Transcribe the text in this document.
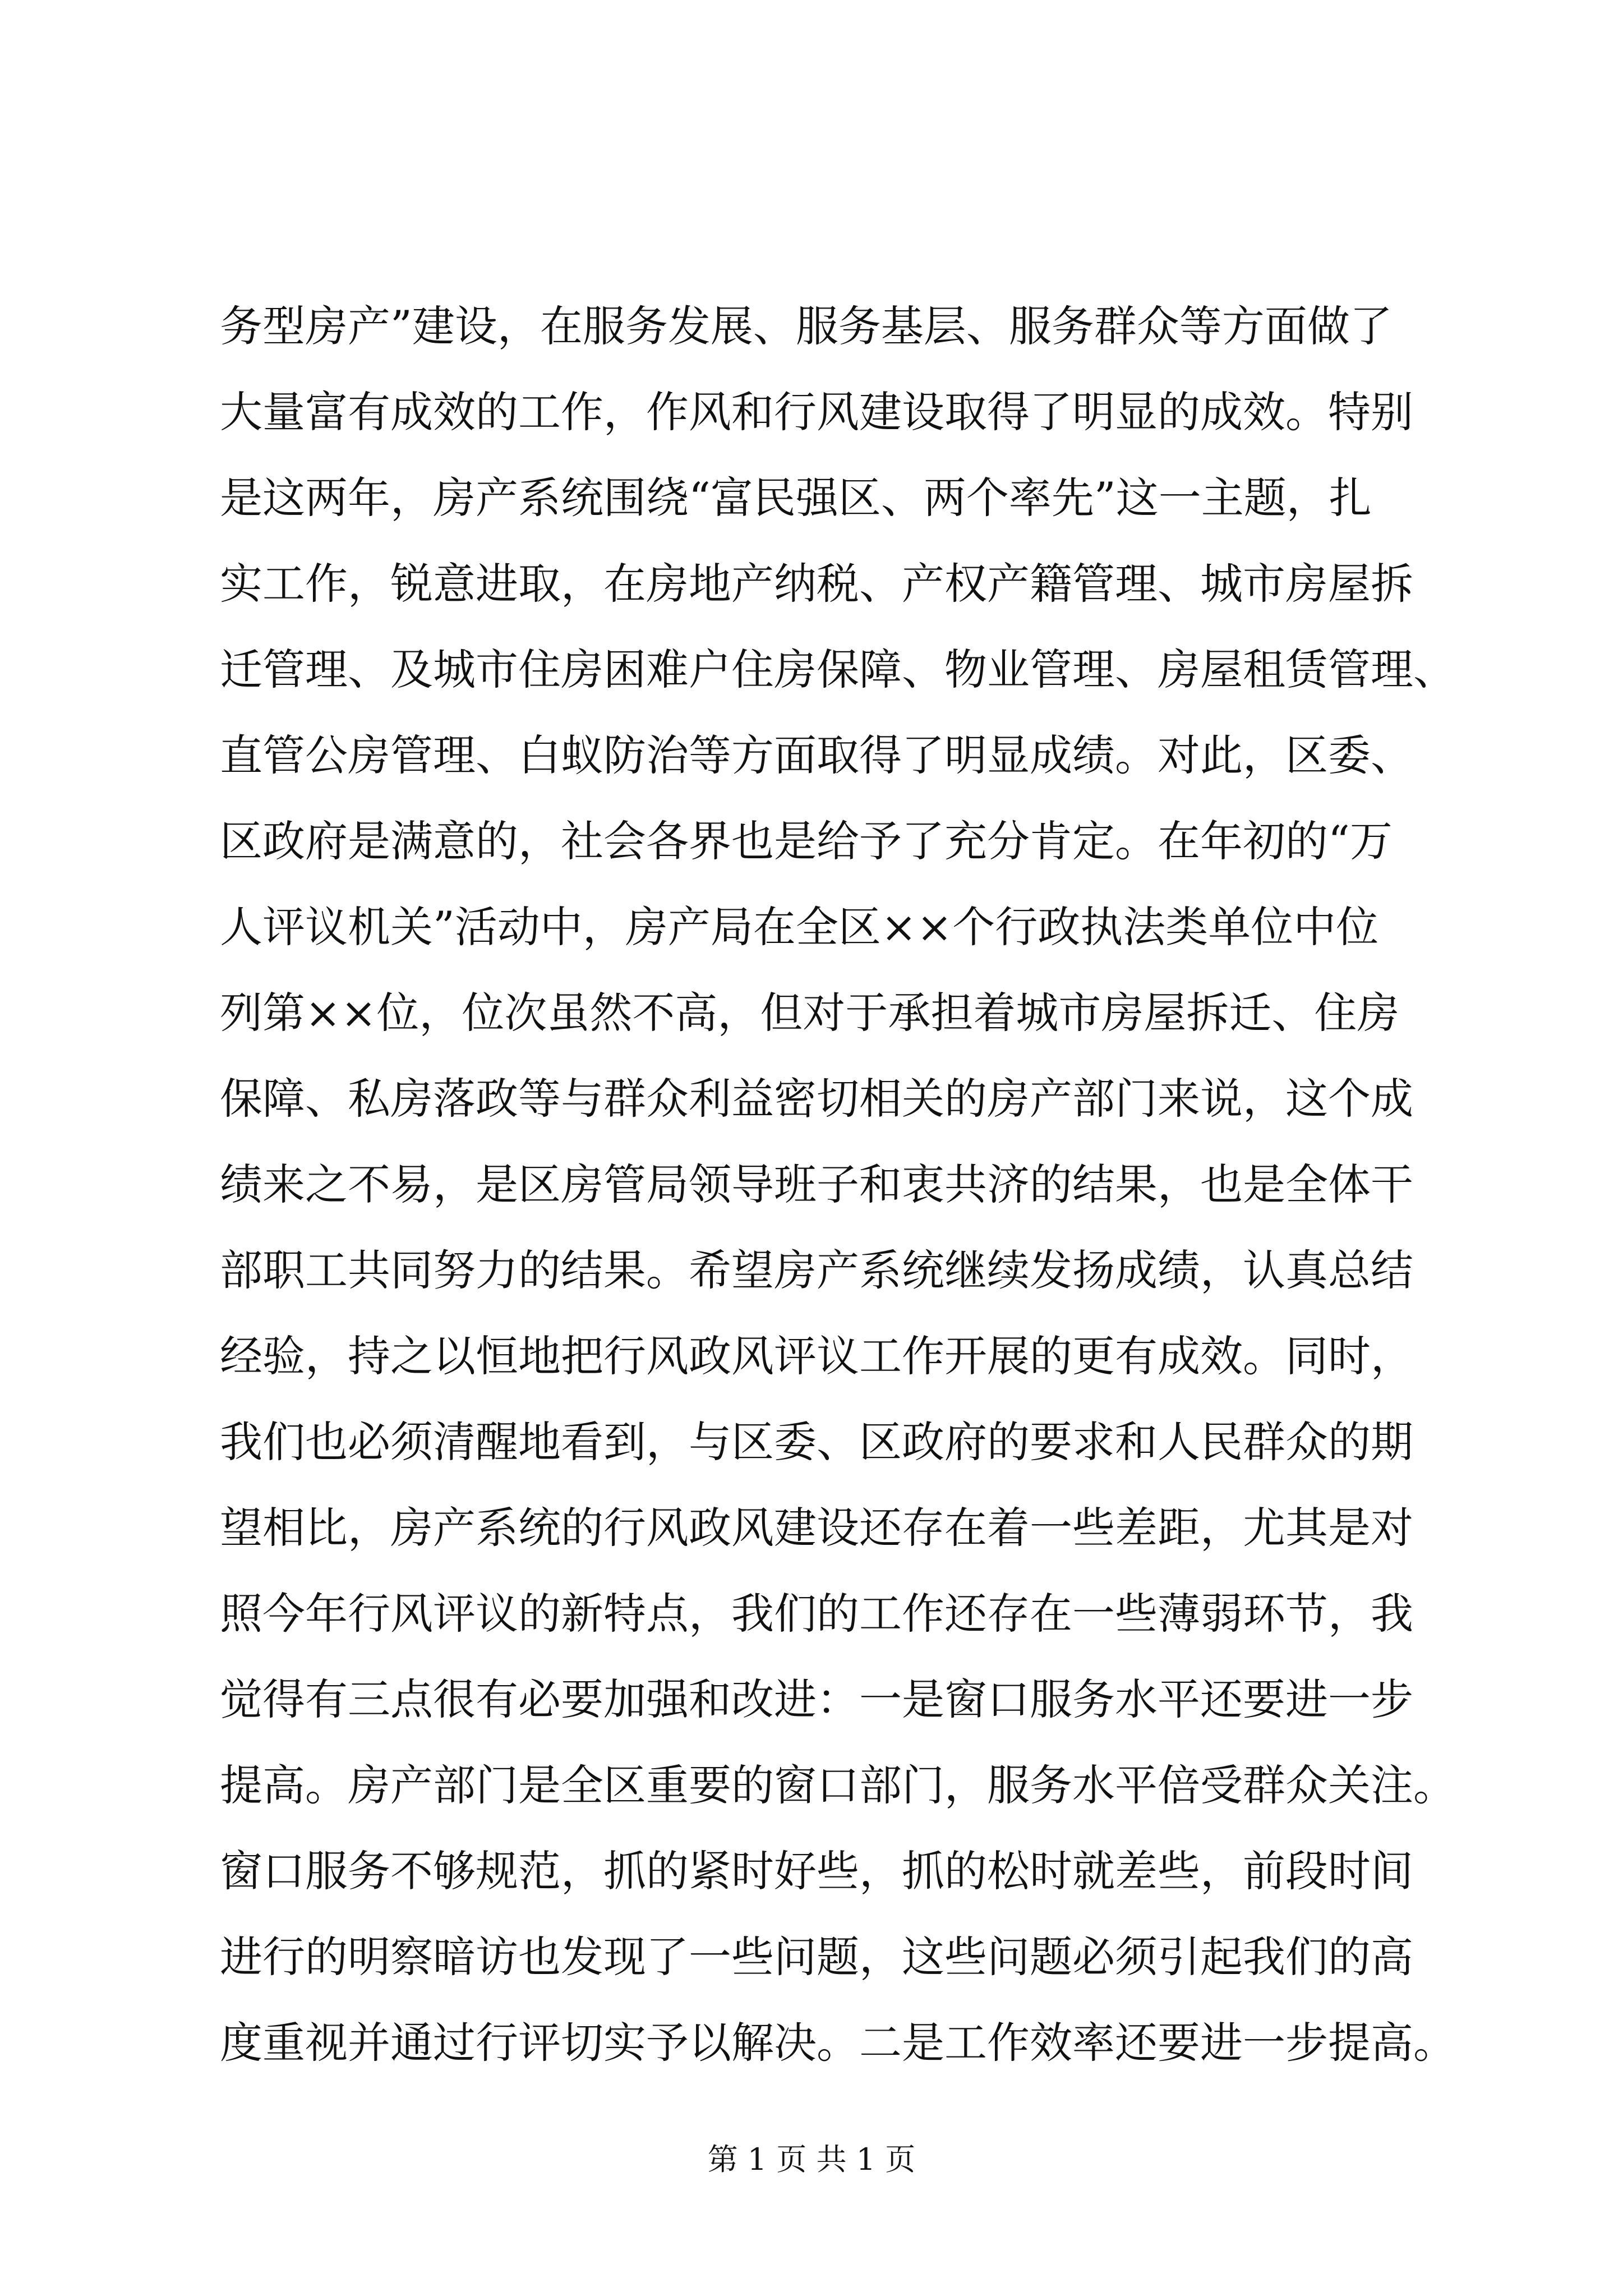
务型房产”建设，在服务发展、服务基层、服务群众等方面做了
大量富有成效的工作，作风和行风建设取得了明显的成效。特别
是这两年，房产系统围绕“富民强区、两个率先”这一主题，扎
实工作，锐意进取，在房地产纳税、产权产籍管理、城市房屋拆
迁管理、及城市住房困难户住房保障、物业管理、房屋租赁管理、
直管公房管理、白蚁防治等方面取得了明显成绩。对此，区委、
区政府是满意的，社会各界也是给予了充分肯定。在年初的“万
人评议机关”活动中，房产局在全区××个行政执法类单位中位
列第××位，位次虽然不高，但对于承担着城市房屋拆迁、住房
保障、私房落政等与群众利益密切相关的房产部门来说，这个成
绩来之不易，是区房管局领导班子和衷共济的结果，也是全体干
部职工共同努力的结果。希望房产系统继续发扬成绩，认真总结
经验，持之以恒地把行风政风评议工作开展的更有成效。同时，
我们也必须清醒地看到，与区委、区政府的要求和人民群众的期
望相比，房产系统的行风政风建设还存在着一些差距，尤其是对
照今年行风评议的新特点，我们的工作还存在一些薄弱环节，我
觉得有三点很有必要加强和改进：一是窗口服务水平还要进一步
提高。房产部门是全区重要的窗口部门，服务水平倍受群众关注。
窗口服务不够规范，抓的紧时好些，抓的松时就差些，前段时间
进行的明察暗访也发现了一些问题，这些问题必须引起我们的高
度重视并通过行评切实予以解决。二是工作效率还要进一步提高。
第 1 页 共 1 页
